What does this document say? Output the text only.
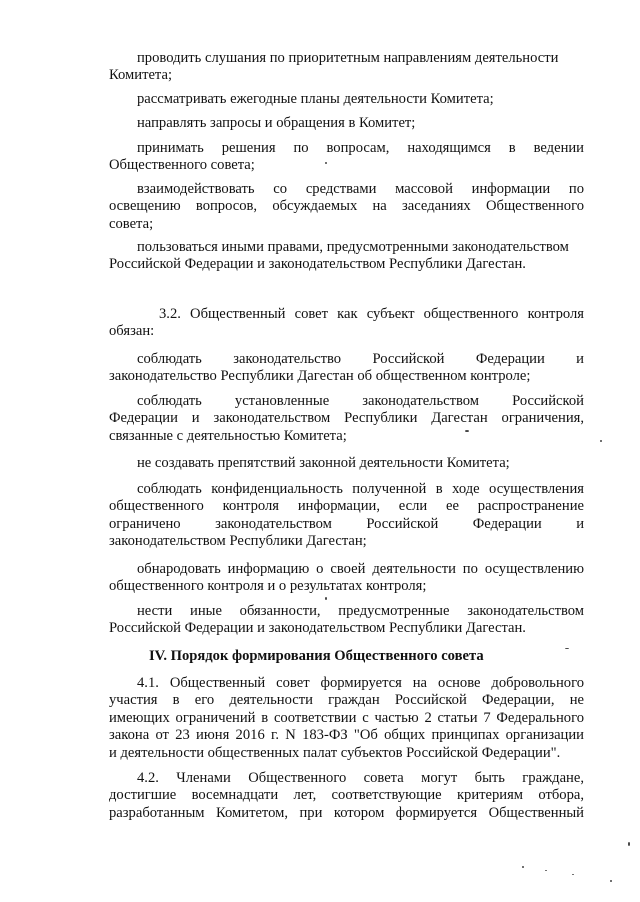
проводить слушания по приоритетным направлениям деятельности
Комитета;
рассматривать ежегодные планы деятельности Комитета;
направлять запросы и обращения в Комитет;
принимать решения по вопросам, находящимся в ведении
Общественного совета;
взаимодействовать со средствами массовой информации по
освещению вопросов, обсуждаемых на заседаниях Общественного
совета;
пользоваться иными правами, предусмотренными законодательством
Российской Федерации и законодательством Республики Дагестан.
3.2. Общественный совет как субъект общественного контроля
обязан:
соблюдать законодательство Российской Федерации и
законодательство Республики Дагестан об общественном контроле;
соблюдать установленные законодательством Российской
Федерации и законодательством Республики Дагестан ограничения,
связанные с деятельностью Комитета;
не создавать препятствий законной деятельности Комитета;
соблюдать конфиденциальность полученной в ходе осуществления
общественного контроля информации, если ее распространение
ограничено законодательством Российской Федерации и
законодательством Республики Дагестан;
обнародовать информацию о своей деятельности по осуществлению
общественного контроля и о результатах контроля;
нести иные обязанности, предусмотренные законодательством
Российской Федерации и законодательством Республики Дагестан.
IV. Порядок формирования Общественного совета
4.1. Общественный совет формируется на основе добровольного
участия в его деятельности граждан Российской Федерации, не
имеющих ограничений в соответствии с частью 2 статьи 7 Федерального
закона от 23 июня 2016 г. N 183-ФЗ "Об общих принципах организации
и деятельности общественных палат субъектов Российской Федерации".
4.2. Членами Общественного совета могут быть граждане,
достигшие восемнадцати лет, соответствующие критериям отбора,
разработанным Комитетом, при котором формируется Общественный
